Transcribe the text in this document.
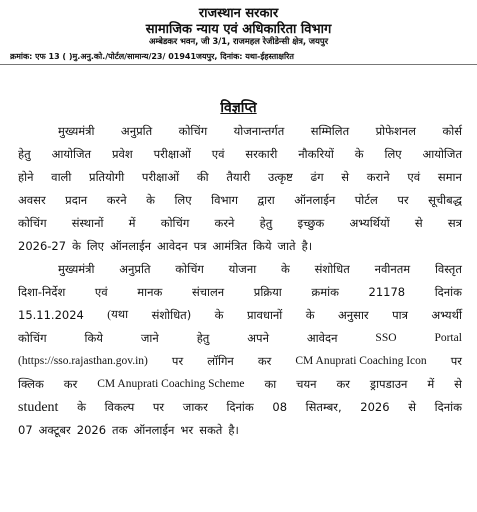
राजस्थान सरकार
सामाजिक न्याय एवं अधिकारिता विभाग
अम्बेडकर भवन, जी 3/1, राजमहल रेजीडेन्सी क्षेत्र, जयपुर
क्रमांक: एफ 13 ( )मु.अनु.को./पोर्टल/सामान्य/23/ 01941जयपुर, दिनांक: यथा-ईहस्ताक्षरित
विज्ञप्ति
मुख्यमंत्री अनुप्रति कोचिंग योजनान्तर्गत सम्मिलित प्रोफेशनल कोर्स
हेतु आयोजित प्रवेश परीक्षाओं एवं सरकारी नौकरियों के लिए आयोजित
होने वाली प्रतियोगी परीक्षाओं की तैयारी उत्कृष्ट ढंग से कराने एवं समान
अवसर प्रदान करने के लिए विभाग द्वारा ऑनलाईन पोर्टल पर सूचीबद्ध
कोचिंग संस्थानों में कोचिंग करने हेतु इच्छुक अभ्यर्थियों से सत्र
2026-27 के लिए ऑनलाईन आवेदन पत्र आमंत्रित किये जाते है।
मुख्यमंत्री अनुप्रति कोचिंग योजना के संशोधित नवीनतम विस्तृत
दिशा-निर्देश	एवं	मानक	संचालन	प्रक्रिया	क्रमांक	21178	दिनांक
15.11.2024 (यथा संशोधित) के प्रावधानों के अनुसार पात्र अभ्यर्थी
कोचिंग	किये	जाने	हेतु	अपने	आवेदन	SSO	Portal
(https://sso.rajasthan.gov.in) पर लॉगिन कर CM Anuprati Coaching Icon पर
क्लिक कर CM Anuprati Coaching Scheme का चयन कर ड्रापडाउन में से
student के विकल्प पर जाकर दिनांक 08 सितम्बर, 2026 से दिनांक
07 अक्टूबर 2026 तक ऑनलाईन भर सकते है।
